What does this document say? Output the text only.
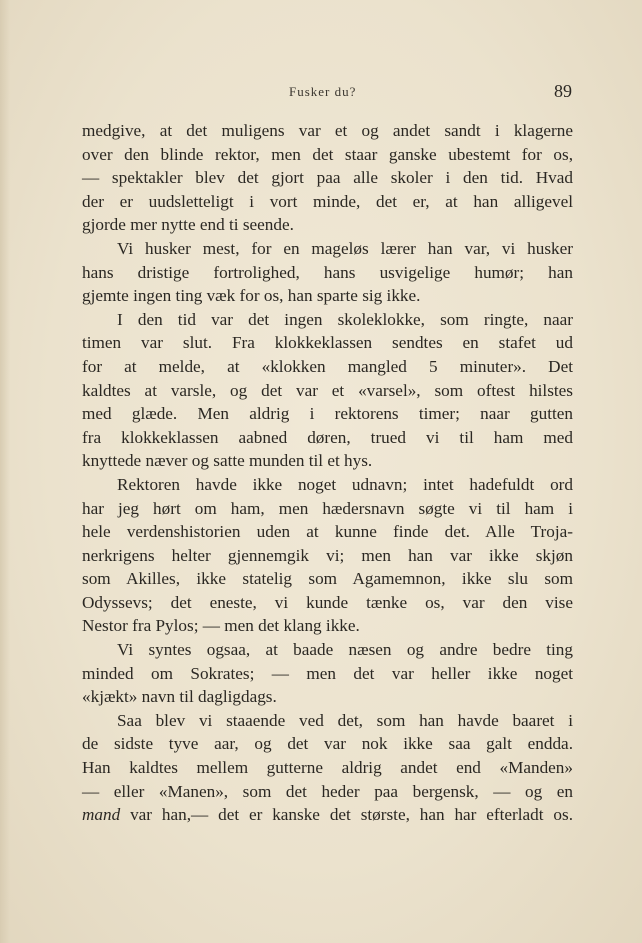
Fusker du?	89
medgive, at det muligens var et og andet sandt i klagerne
over den blinde rektor, men det staar ganske ubestemt for os,
— spektakler blev det gjort paa alle skoler i den tid. Hvad
der er uudsletteligt i vort minde, det er, at han alligevel
gjorde mer nytte end ti seende.
Vi husker mest, for en mageløs lærer han var, vi husker
hans dristige fortrolighed, hans usvigelige humør; han
gjemte ingen ting væk for os, han sparte sig ikke.
I den tid var det ingen skoleklokke, som ringte, naar
timen var slut. Fra klokkeklassen sendtes en stafet ud
for at melde, at «klokken mangled 5 minuter». Det
kaldtes at varsle, og det var et «varsel», som oftest hilstes
med glæde. Men aldrig i rektorens timer; naar gutten
fra klokkeklassen aabned døren, trued vi til ham med
knyttede næver og satte munden til et hys.
Rektoren havde ikke noget udnavn; intet hadefuldt ord
har jeg hørt om ham, men hædersnavn søgte vi til ham i
hele verdenshistorien uden at kunne finde det. Alle Troja-
nerkrigens helter gjennemgik vi; men han var ikke skjøn
som Akilles, ikke statelig som Agamemnon, ikke slu som
Odyssevs; det eneste, vi kunde tænke os, var den vise
Nestor fra Pylos; — men det klang ikke.
Vi syntes ogsaa, at baade næsen og andre bedre ting
minded om Sokrates; — men det var heller ikke noget
«kjækt» navn til dagligdags.
Saa blev vi staaende ved det, som han havde baaret i
de sidste tyve aar, og det var nok ikke saa galt endda.
Han kaldtes mellem gutterne aldrig andet end «Manden»
— eller «Manen», som det heder paa bergensk, — og en
mand var han,— det er kanske det største, han har efterladt os.
